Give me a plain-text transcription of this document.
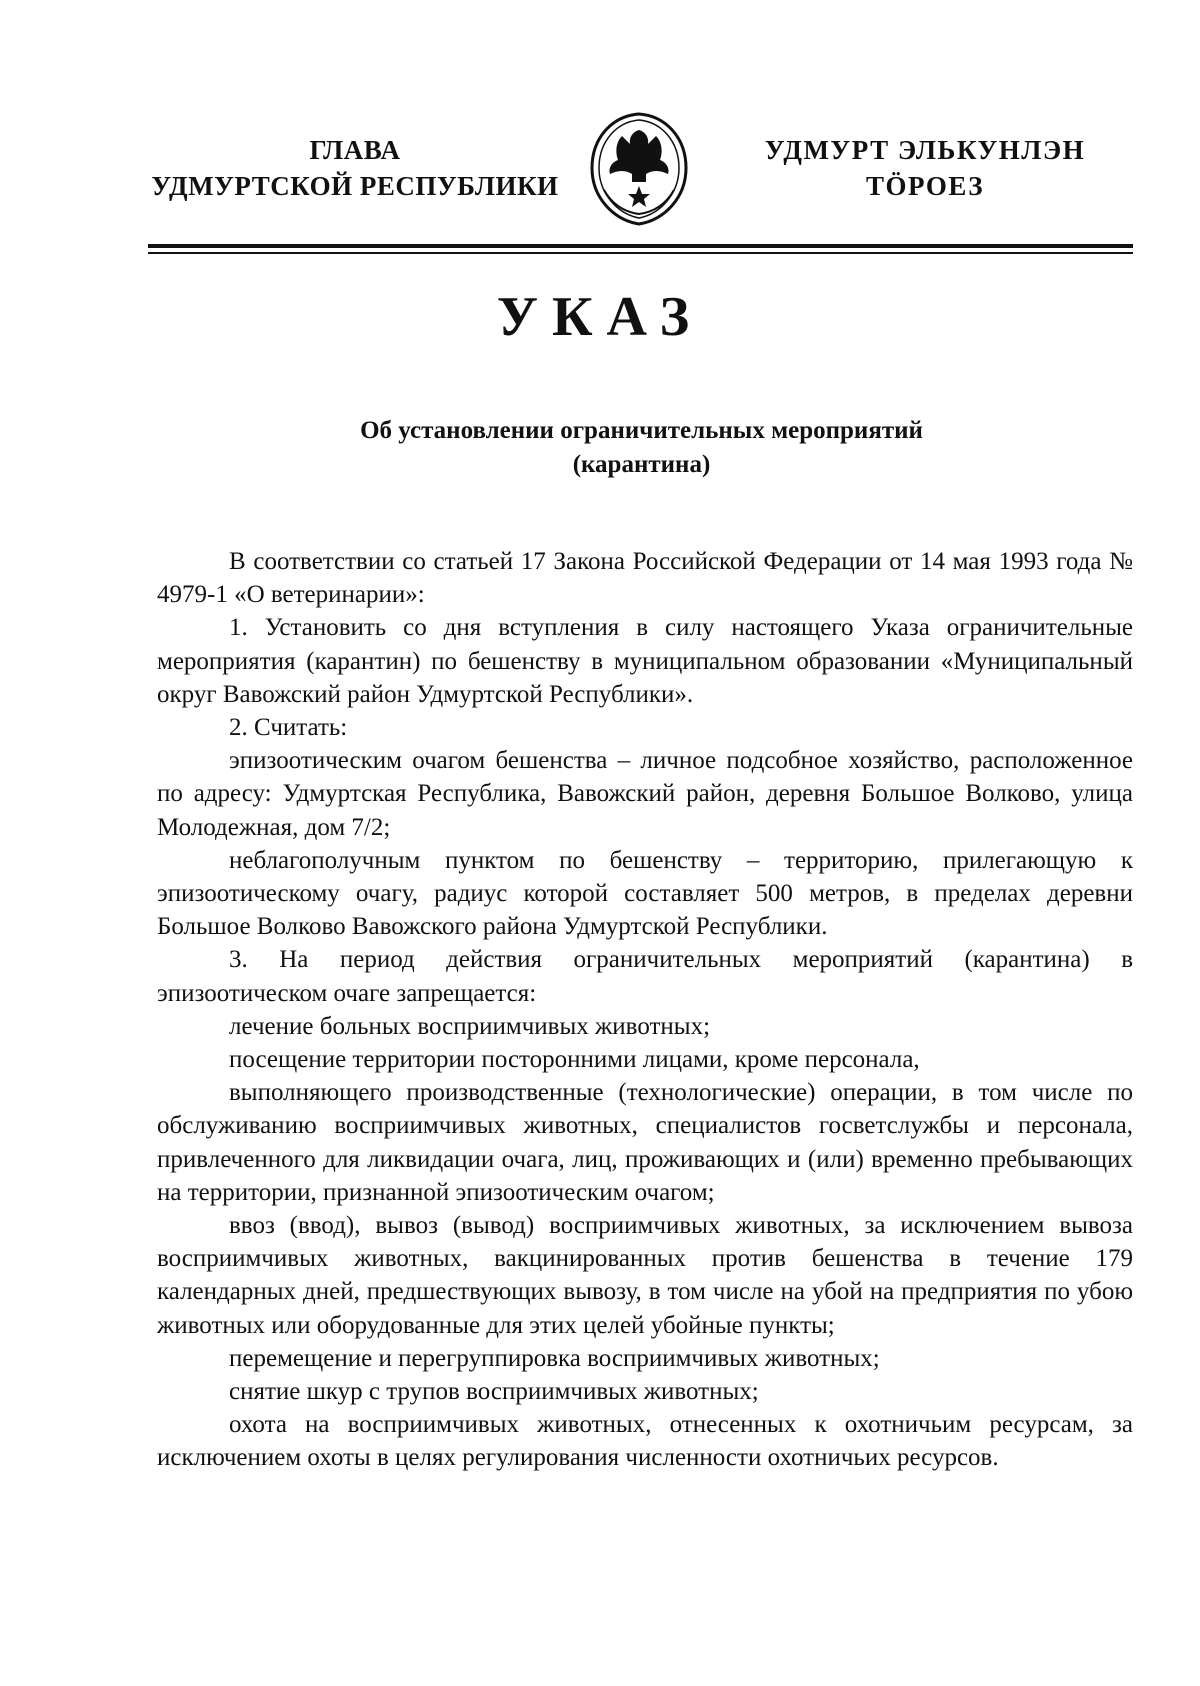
ГЛАВА
УДМУРТСКОЙ РЕСПУБЛИКИ
УДМУРТ ЭЛЬКУНЛЭН
ТӦРОЕЗ
УКАЗ
Об установлении ограничительных мероприятий
(карантина)

В соответствии со статьей 17 Закона Российской Федерации от 14 мая 1993 года № 4979-1 «О ветеринарии»:

1. Установить со дня вступления в силу настоящего Указа ограничительные мероприятия (карантин) по бешенству в муниципальном образовании «Муниципальный округ Вавожский район Удмуртской Республики».

2. Считать:

эпизоотическим очагом бешенства – личное подсобное хозяйство, расположенное по адресу: Удмуртская Республика, Вавожский район, деревня Большое Волково, улица Молодежная, дом 7/2;

неблагополучным пунктом по бешенству – территорию, прилегающую к эпизоотическому очагу, радиус которой составляет 500 метров, в пределах деревни Большое Волково Вавожского района Удмуртской Республики.

3. На период действия ограничительных мероприятий (карантина) в эпизоотическом очаге запрещается:

лечение больных восприимчивых животных;

посещение территории посторонними лицами, кроме персонала,

выполняющего производственные (технологические) операции, в том числе по обслуживанию восприимчивых животных, специалистов госветслужбы и персонала, привлеченного для ликвидации очага, лиц, проживающих и (или) временно пребывающих на территории, признанной эпизоотическим очагом;

ввоз (ввод), вывоз (вывод) восприимчивых животных, за исключением вывоза восприимчивых животных, вакцинированных против бешенства в течение 179 календарных дней, предшествующих вывозу, в том числе на убой на предприятия по убою животных или оборудованные для этих целей убойные пункты;

перемещение и перегруппировка восприимчивых животных;

снятие шкур с трупов восприимчивых животных;

охота на восприимчивых животных, отнесенных к охотничьим ресурсам, за исключением охоты в целях регулирования численности охотничьих ресурсов.
